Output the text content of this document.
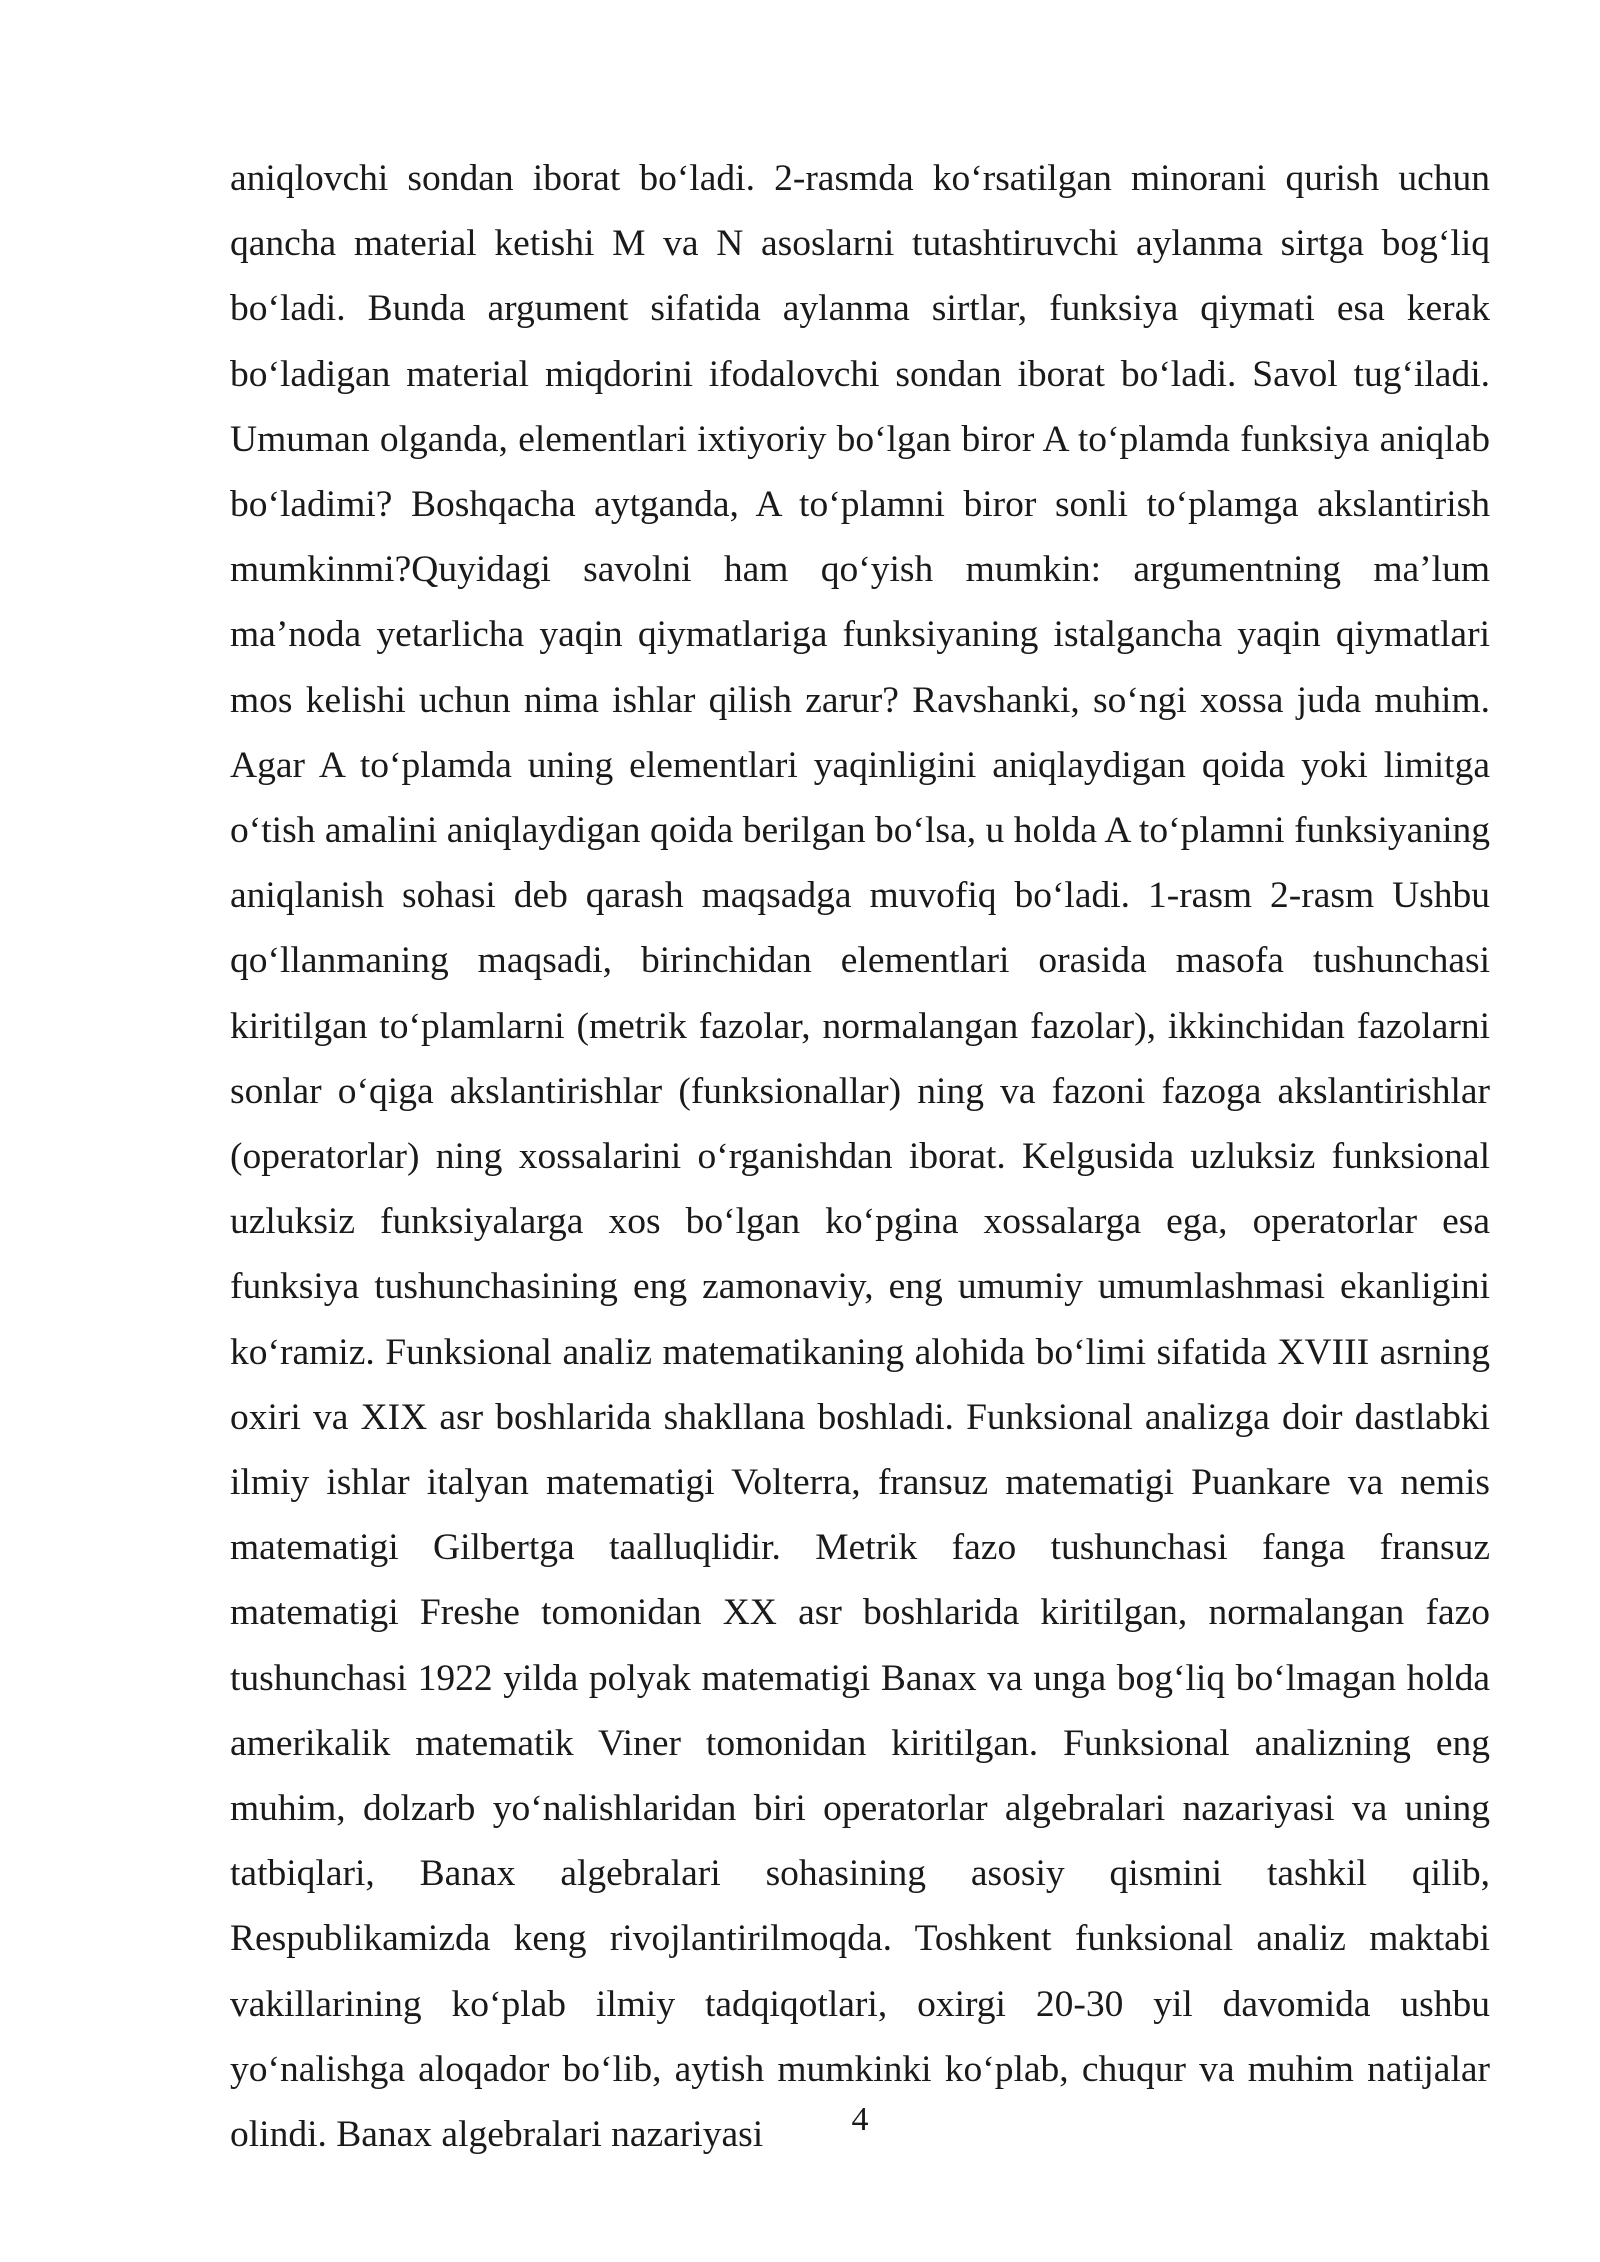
aniqlovchi sondan iborat bo‘ladi. 2-rasmda ko‘rsatilgan minorani qurish uchun qancha material ketishi M va N asoslarni tutashtiruvchi aylanma sirtga bog‘liq bo‘ladi. Bunda argument sifatida aylanma sirtlar, funksiya qiymati esa kerak bo‘ladigan material miqdorini ifodalovchi sondan iborat bo‘ladi. Savol tug‘iladi. Umuman olganda, elementlari ixtiyoriy bo‘lgan biror A to‘plamda funksiya aniqlab bo‘ladimi? Boshqacha aytganda, A to‘plamni biror sonli to‘plamga akslantirish mumkinmi?Quyidagi savolni ham qo‘yish mumkin: argumentning ma’lum ma’noda yetarlicha yaqin qiymatlariga funksiyaning istalgancha yaqin qiymatlari mos kelishi uchun nima ishlar qilish zarur? Ravshanki, so‘ngi xossa juda muhim. Agar A to‘plamda uning elementlari yaqinligini aniqlaydigan qoida yoki limitga o‘tish amalini aniqlaydigan qoida berilgan bo‘lsa, u holda A to‘plamni funksiyaning aniqlanish sohasi deb qarash maqsadga muvofiq bo‘ladi. 1-rasm 2-rasm Ushbu qo‘llanmaning maqsadi, birinchidan elementlari orasida masofa tushunchasi kiritilgan to‘plamlarni (metrik fazolar, normalangan fazolar), ikkinchidan fazolarni sonlar o‘qiga akslantirishlar (funksionallar) ning va fazoni fazoga akslantirishlar (operatorlar) ning xossalarini o‘rganishdan iborat. Kelgusida uzluksiz funksional uzluksiz funksiyalarga xos bo‘lgan ko‘pgina xossalarga ega, operatorlar esa funksiya tushunchasining eng zamonaviy, eng umumiy umumlashmasi ekanligini ko‘ramiz. Funksional analiz matematikaning alohida bo‘limi sifatida XVIII asrning oxiri va XIX asr boshlarida shakllana boshladi. Funksional analizga doir dastlabki ilmiy ishlar italyan matematigi Volterra, fransuz matematigi Puankare va nemis matematigi Gilbertga taalluqlidir. Metrik fazo tushunchasi fanga fransuz matematigi Freshe tomonidan XX asr boshlarida kiritilgan, normalangan fazo tushunchasi 1922 yilda polyak matematigi Banax va unga bog‘liq bo‘lmagan holda amerikalik matematik Viner tomonidan kiritilgan. Funksional analizning eng muhim, dolzarb yo‘nalishlaridan biri operatorlar algebralari nazariyasi va uning tatbiqlari, Banax algebralari sohasining asosiy qismini tashkil qilib, Respublikamizda keng rivojlantirilmoqda. Toshkent funksional analiz maktabi vakillarining ko‘plab ilmiy tadqiqotlari, oxirgi 20-30 yil davomida ushbu yo‘nalishga aloqador bo‘lib, aytish mumkinki ko‘plab, chuqur va muhim natijalar olindi. Banax algebralari nazariyasi	4
